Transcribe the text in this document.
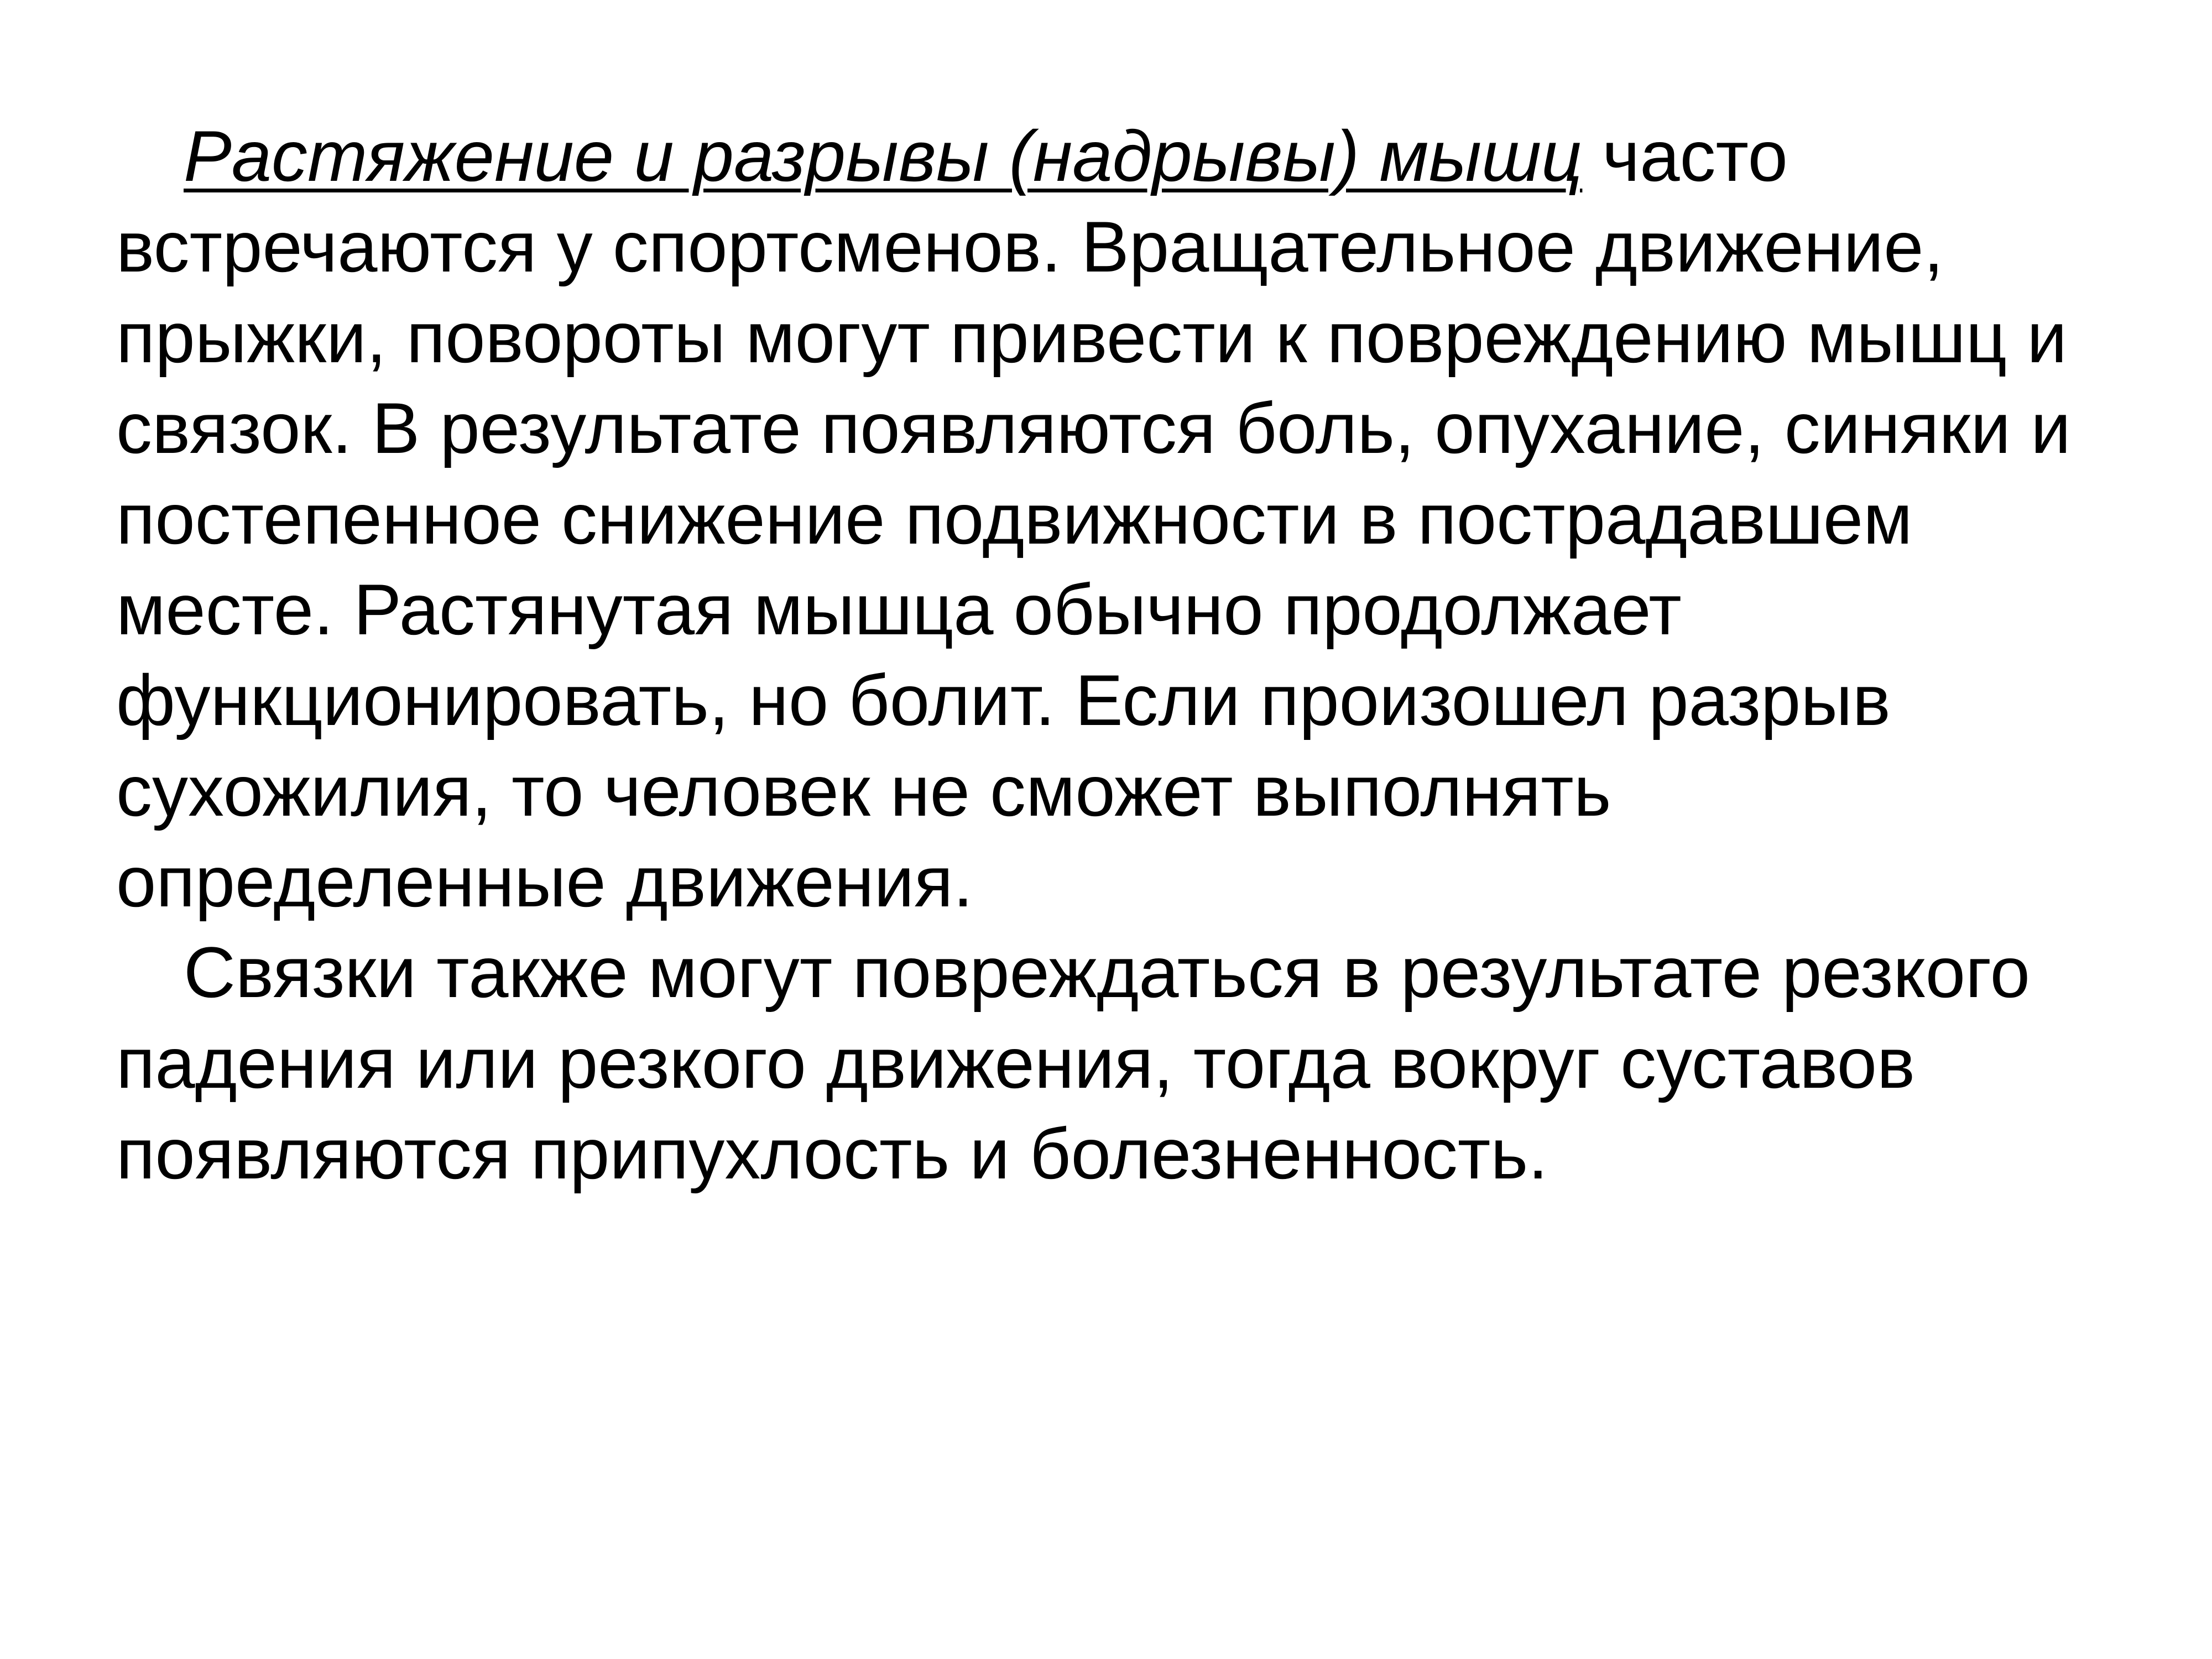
Растяжение и разрывы (надрывы) мышц часто
встречаются у спортсменов. Вращательное движение,
прыжки, повороты могут привести к повреждению мышц и
связок. В результате появляются боль, опухание, синяки и
постепенное снижение подвижности в пострадавшем
месте. Растянутая мышца обычно продолжает
функционировать, но болит. Если произошел разрыв
сухожилия, то человек не сможет выполнять
определенные движения.
Связки также могут повреждаться в результате резкого
падения или резкого движения, тогда вокруг суставов
появляются припухлость и болезненность.
